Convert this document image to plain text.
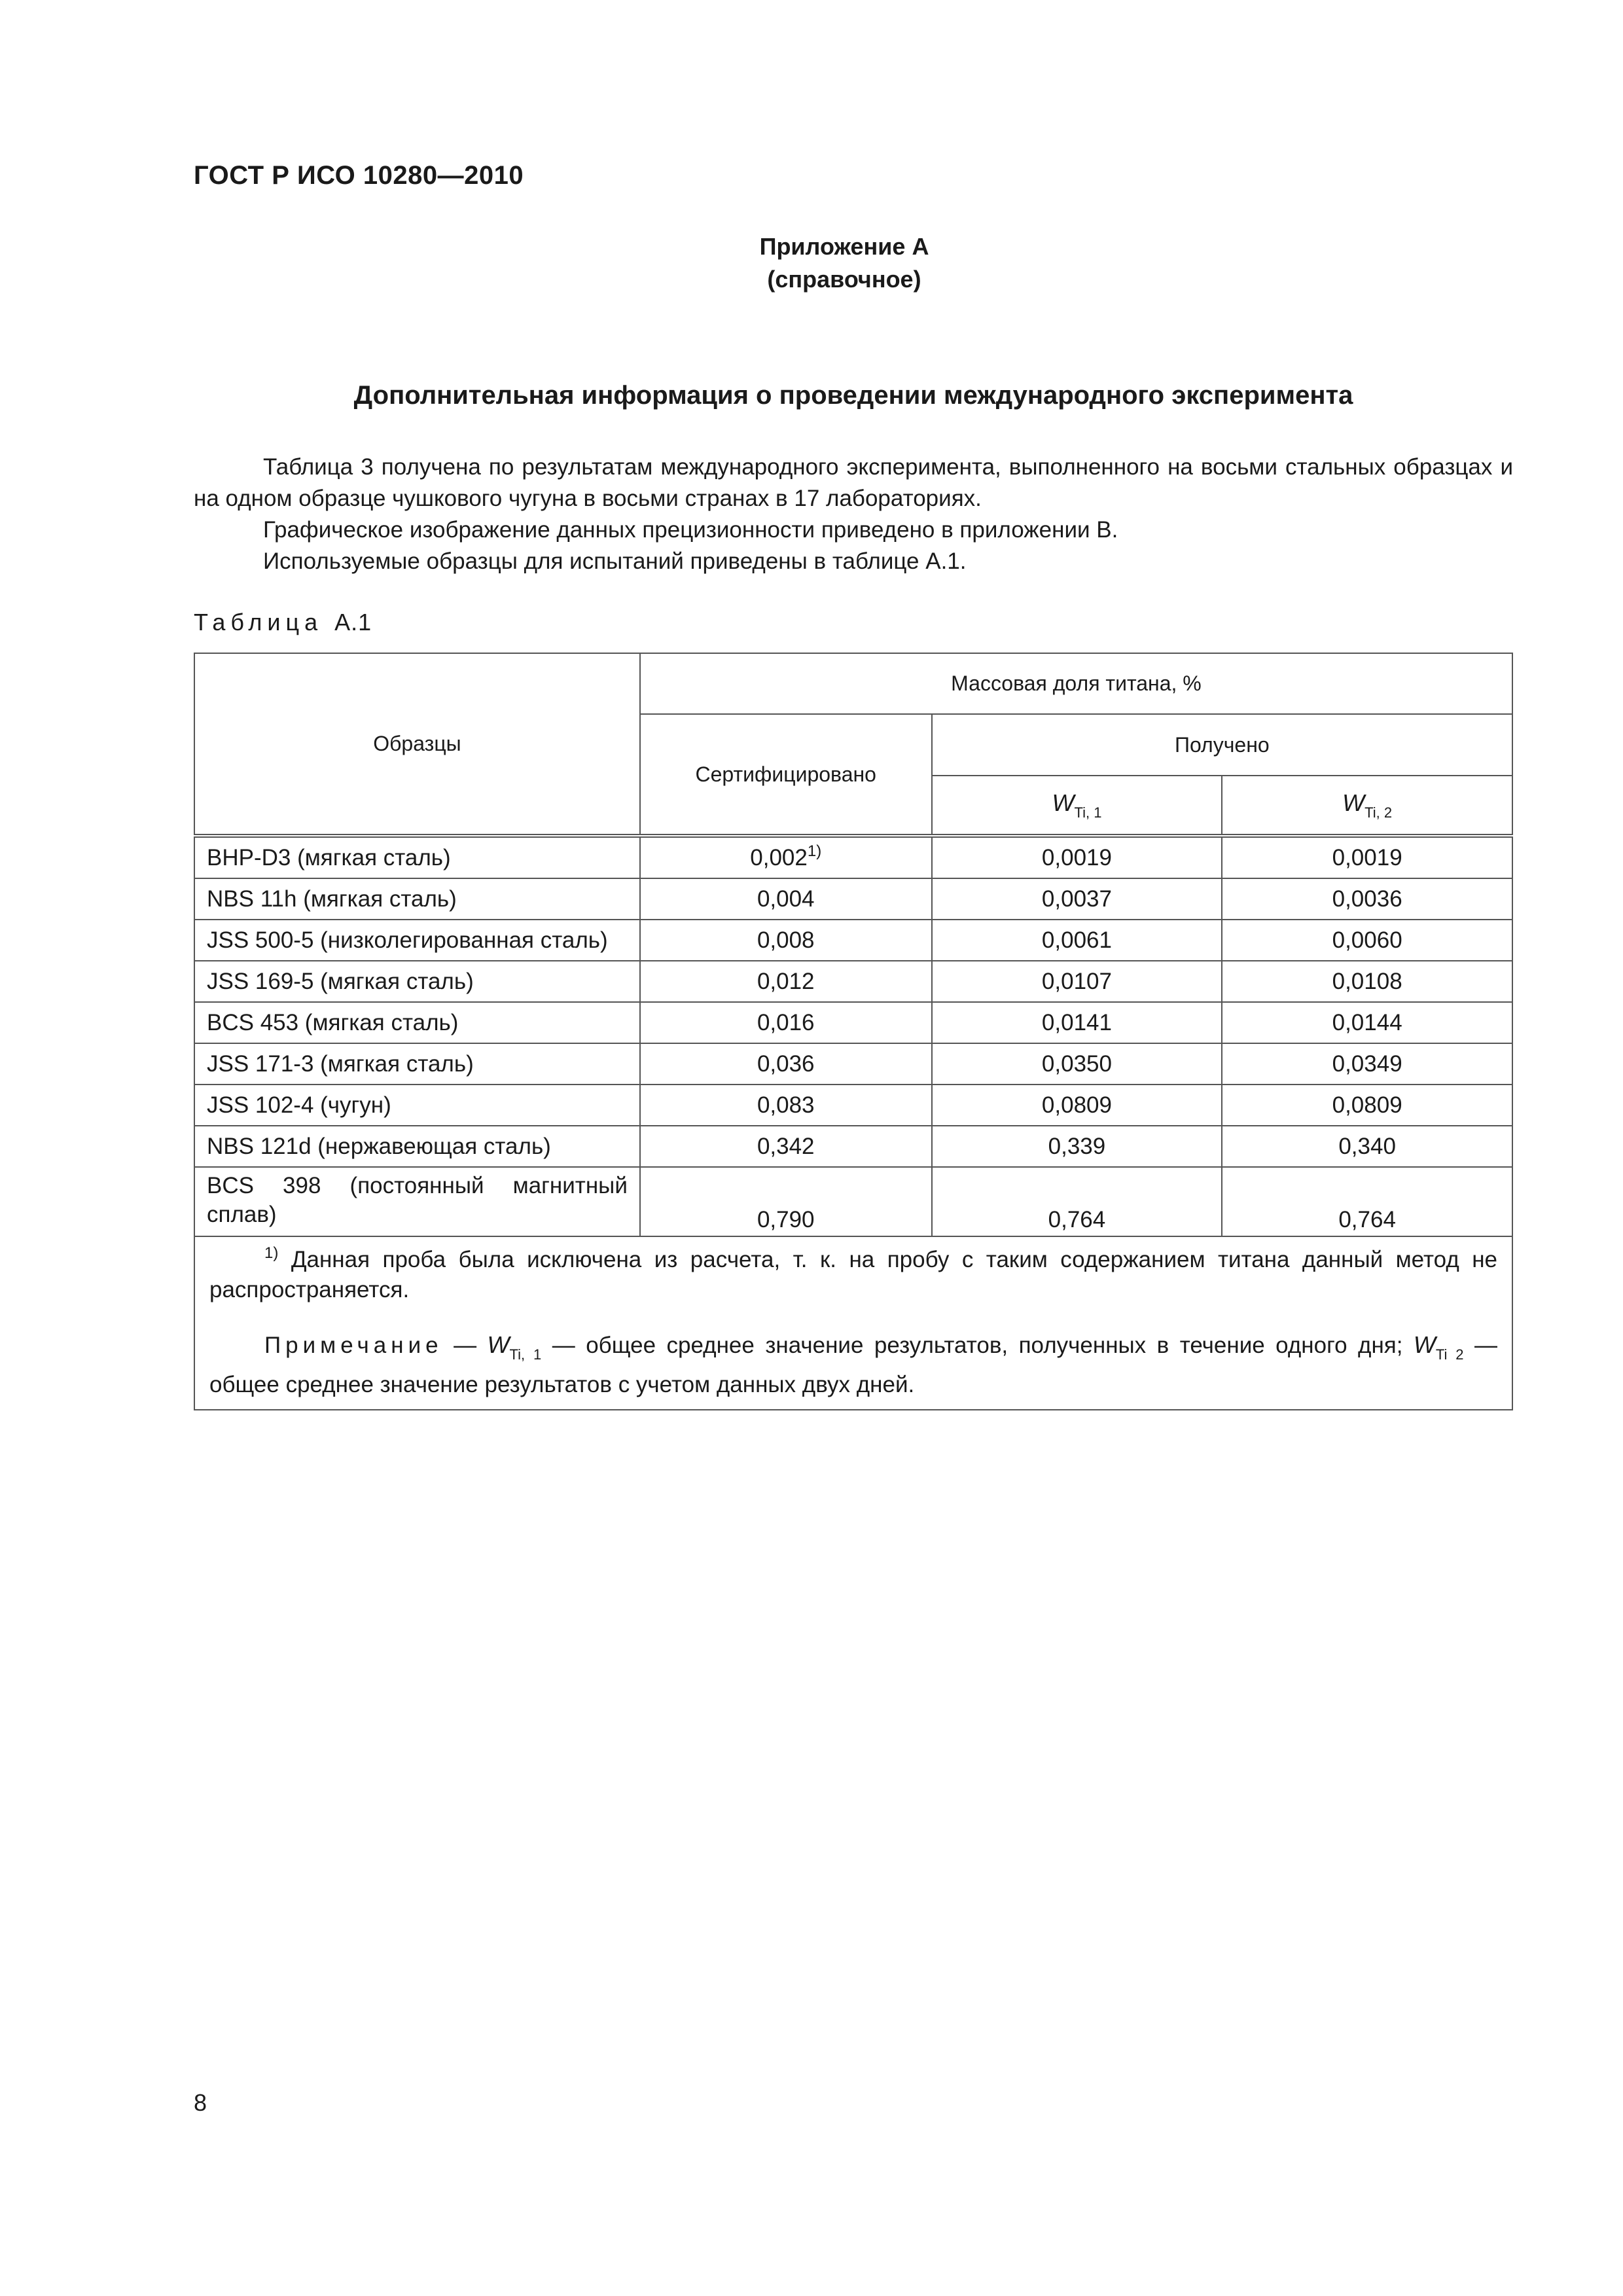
ГОСТ Р ИСО 10280—2010
Приложение А
(справочное)
Дополнительная информация о проведении международного эксперимента

Таблица 3 получена по результатам международного эксперимента, выполненного на восьми стальных образцах и на одном образце чушкового чугуна в восьми странах в 17 лабораториях.

Графическое изображение данных прецизионности приведено в приложении В.

Используемые образцы для испытаний приведены в таблице А.1.

Таблица А.1
Образцы	Массовая доля титана, %		
	Сертифицировано	Получено	
		$W_{Ti, 1}$	$W_{Ti, 2}$
BHP-D3 (мягкая сталь)	0,002$^{1)}$	0,0019	0,0019
NBS 11h (мягкая сталь)	0,004	0,0037	0,0036
JSS 500-5 (низколегированная сталь)	0,008	0,0061	0,0060
JSS 169-5 (мягкая сталь)	0,012	0,0107	0,0108
BCS 453 (мягкая сталь)	0,016	0,0141	0,0144
JSS 171-3 (мягкая сталь)	0,036	0,0350	0,0349
JSS 102-4 (чугун)	0,083	0,0809	0,0809
NBS 121d (нержавеющая сталь)	0,342	0,339	0,340
BCS 398 (постоянный магнитный сплав)	0,790	0,764	0,764

$^{1)}$ Данная проба была исключена из расчета, т. к. на пробу с таким содержанием титана данный метод не распространяется.

Примечание — $W_{Ti, 1}$ — общее среднее значение результатов, полученных в течение одного дня; $W_{Ti 2}$ — общее среднее значение результатов с учетом данных двух дней.			

8
